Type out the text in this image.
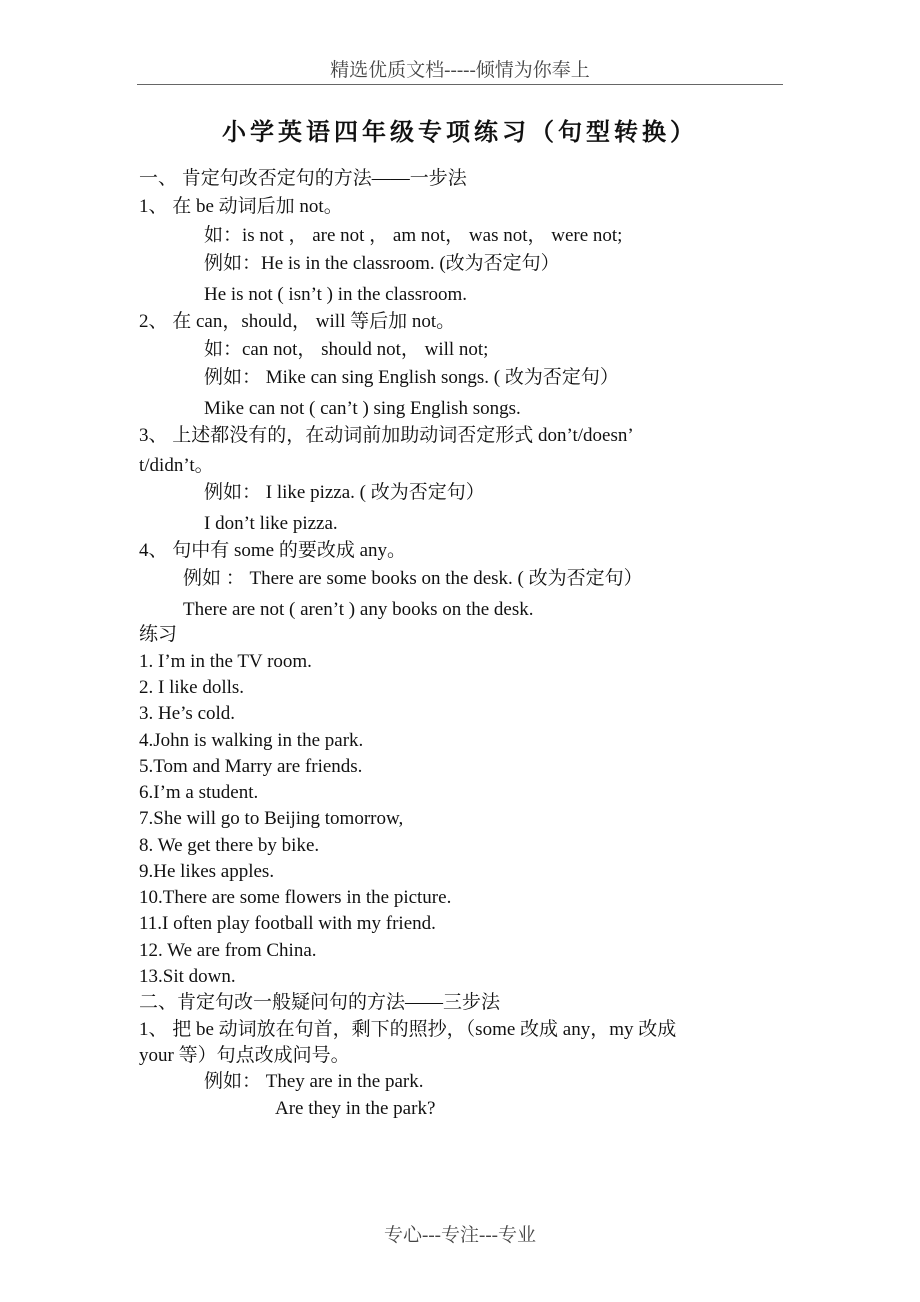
精选优质文档-----倾情为你奉上
小学英语四年级专项练习（句型转换）
一、 肯定句改否定句的方法——一步法
1、 在 be 动词后加 not。
如：is not ， are not ， am not， was not， were not;
例如：He is in the classroom. (改为否定句）
He is not ( isn’t ) in the classroom.
2、 在 can，should， will 等后加 not。
如：can not， should not， will not;
例如： Mike can sing English songs. ( 改为否定句）
Mike can not ( can’t ) sing English songs.
3、 上述都没有的，在动词前加助动词否定形式 don’t/doesn’
t/didn’t。
例如： I like pizza. ( 改为否定句）
I don’t like pizza.
4、 句中有 some 的要改成 any。
例如 ： There are some books on the desk. ( 改为否定句）
There are not ( aren’t ) any books on the desk.
练习
1. I’m in the TV room.
2. I like dolls.
3. He’s cold.
4.John is walking in the park.
5.Tom and Marry are friends.
6.I’m a student.
7.She will go to Beijing tomorrow,
8. We get there by bike.
9.He likes apples.
10.There are some flowers in the picture.
11.I often play football with my friend.
12. We are from China.
13.Sit down.
二、肯定句改一般疑问句的方法——三步法
1、 把 be 动词放在句首，剩下的照抄，（some 改成 any，my 改成
your 等）句点改成问号。
例如： They are in the park.
Are they in the park?
专心---专注---专业
